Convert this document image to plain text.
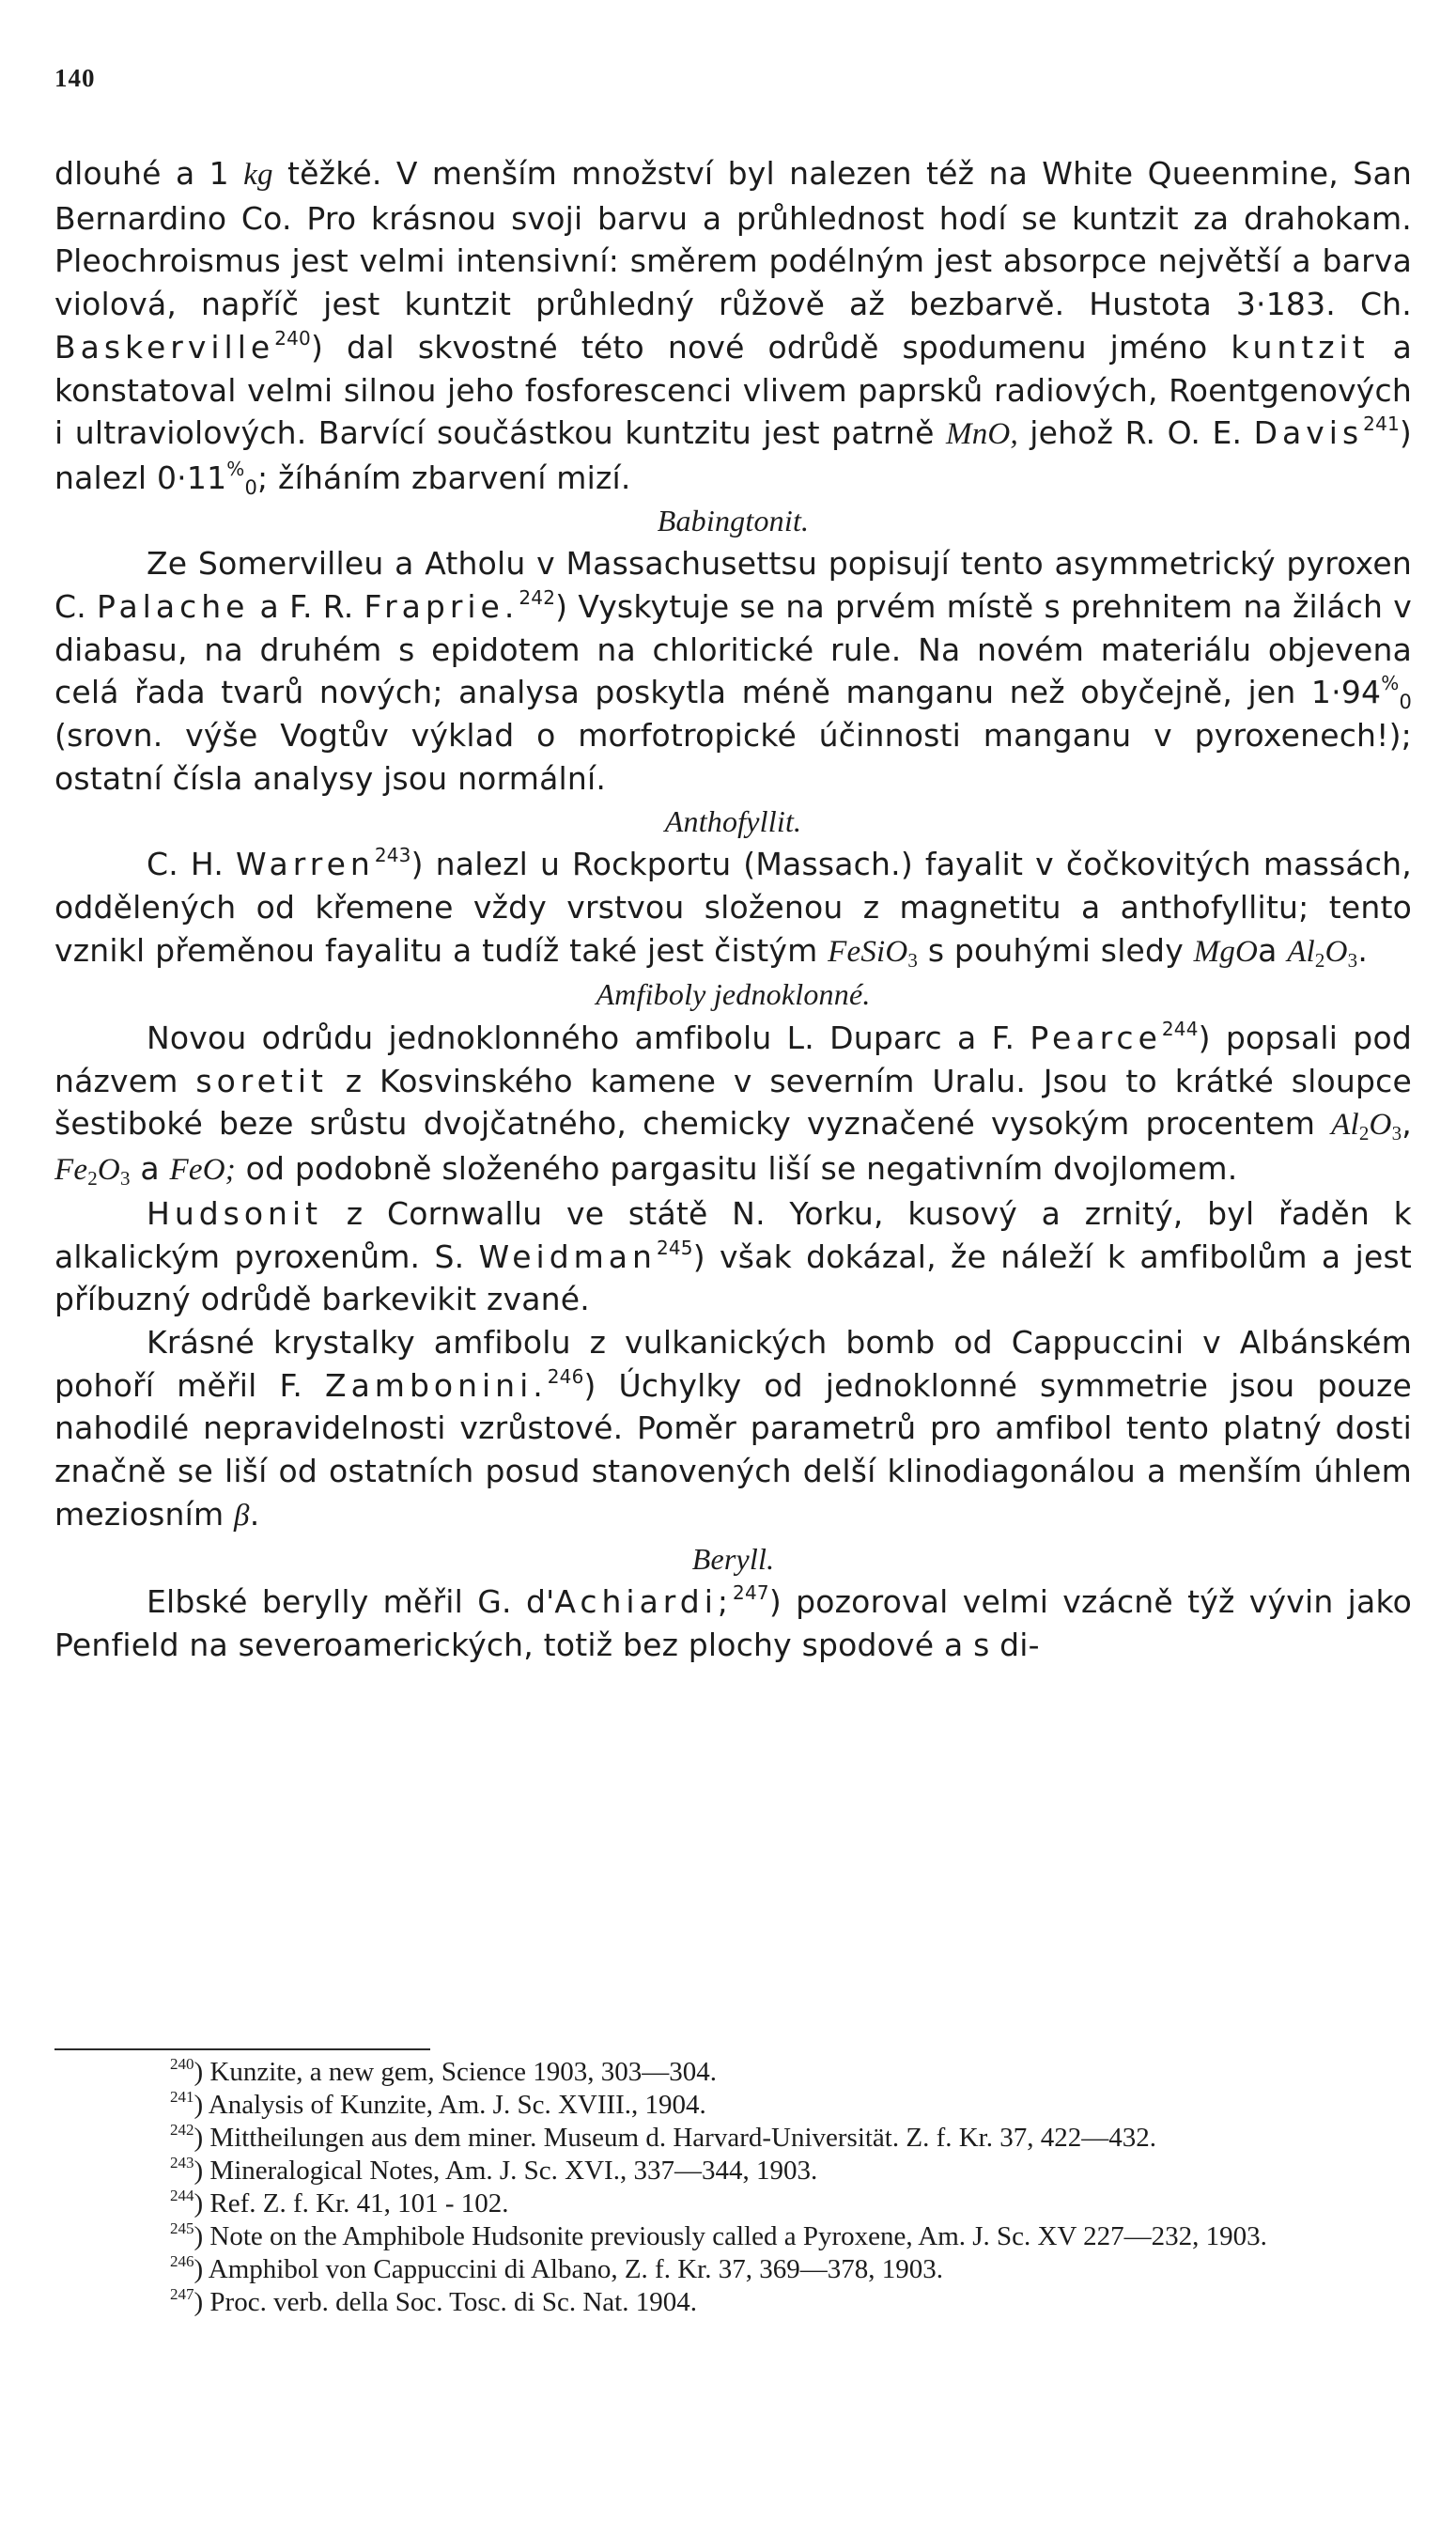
140

dlouhé a 1 kg těžké. V menším množství byl nalezen též na White Queenmine, San Bernardino Co. Pro krásnou svoji barvu a průhlednost hodí se kuntzit za drahokam. Pleochroismus jest velmi intensivní: směrem podélným jest absorpce největší a barva violová, napříč jest kuntzit průhledný růžově až bezbarvě. Hustota 3·183. Ch. Baskerville$^{240}$) dal skvostné této nové odrůdě spodumenu jméno kuntzit a konstatoval velmi silnou jeho fosforescenci vlivem paprsků radiových, Roentgenových i ultraviolových. Barvící součástkou kuntzitu jest patrně MnO, jehož R. O. E. Davis$^{241}$) nalezl $0\cdot 11^{\%}_0$; žíháním zbarvení mizí.

Babingtonit.

Ze Somervilleu a Atholu v Massachusettsu popisují tento asymmetrický pyroxen C. Palache a F. R. Fraprie.$^{242}$) Vyskytuje se na prvém místě s prehnitem na žilách v diabasu, na druhém s epidotem na chloritické rule. Na novém materiálu objevena celá řada tvarů nových; analysa poskytla méně manganu než obyčejně, jen $1\cdot 94^{\%}_0$ (srovn. výše Vogtův výklad o morfotropické účinnosti manganu v pyroxenech!); ostatní čísla analysy jsou normální.

Anthofyllit.

C. H. Warren$^{243}$) nalezl u Rockportu (Massach.) fayalit v čočkovitých massách, oddělených od křemene vždy vrstvou složenou z magnetitu a anthofyllitu; tento vznikl přeměnou fayalitu a tudíž také jest čistým FeSiO$_3$ s pouhými sledy MgOa $Al_2O_3$.

Amfiboly jednoklonné.

Novou odrůdu jednoklonného amfibolu L. Duparc a F. Pearce$^{244}$) popsali pod názvem soretit z Kosvinského kamene v severním Uralu. Jsou to krátké sloupce šestiboké beze srůstu dvojčatného, chemicky vyznačené vysokým procentem $Al_2O_3$, $Fe_2O_3$ a FeO; od podobně složeného pargasitu liší se negativním dvojlomem.

Hudsonit z Cornwallu ve státě N. Yorku, kusový a zrnitý, byl řaděn k alkalickým pyroxenům. S. Weidman$^{245}$) však dokázal, že náleží k amfibolům a jest příbuzný odrůdě barkevikit zvané.

Krásné krystalky amfibolu z vulkanických bomb od Cappuccini v Albánském pohoří měřil F. Zambonini.$^{246}$) Úchylky od jednoklonné symmetrie jsou pouze nahodilé nepravidelnosti vzrůstové. Poměr parametrů pro amfibol tento platný dosti značně se liší od ostatních posud stanovených delší klinodiagonálou a menším úhlem meziosním β.

Beryll.

Elbské berylly měřil G. d'Achiardi;$^{247}$) pozoroval velmi vzácně týž vývin jako Penfield na severoamerických, totiž bez plochy spodové a s di-

$^{240}$) Kunzite, a new gem, Science 1903, 303—304.

$^{241}$) Analysis of Kunzite, Am. J. Sc. XVIII., 1904.

$^{242}$) Mittheilungen aus dem miner. Museum d. Harvard-Universität. Z. f. Kr. 37, 422—432.

$^{243}$) Mineralogical Notes, Am. J. Sc. XVI., 337—344, 1903.

$^{244}$) Ref. Z. f. Kr. 41, 101 - 102.

$^{245}$) Note on the Amphibole Hudsonite previously called a Pyroxene, Am. J. Sc. XV 227—232, 1903.

$^{246}$) Amphibol von Cappuccini di Albano, Z. f. Kr. 37, 369—378, 1903.

$^{247}$) Proc. verb. della Soc. Tosc. di Sc. Nat. 1904.
